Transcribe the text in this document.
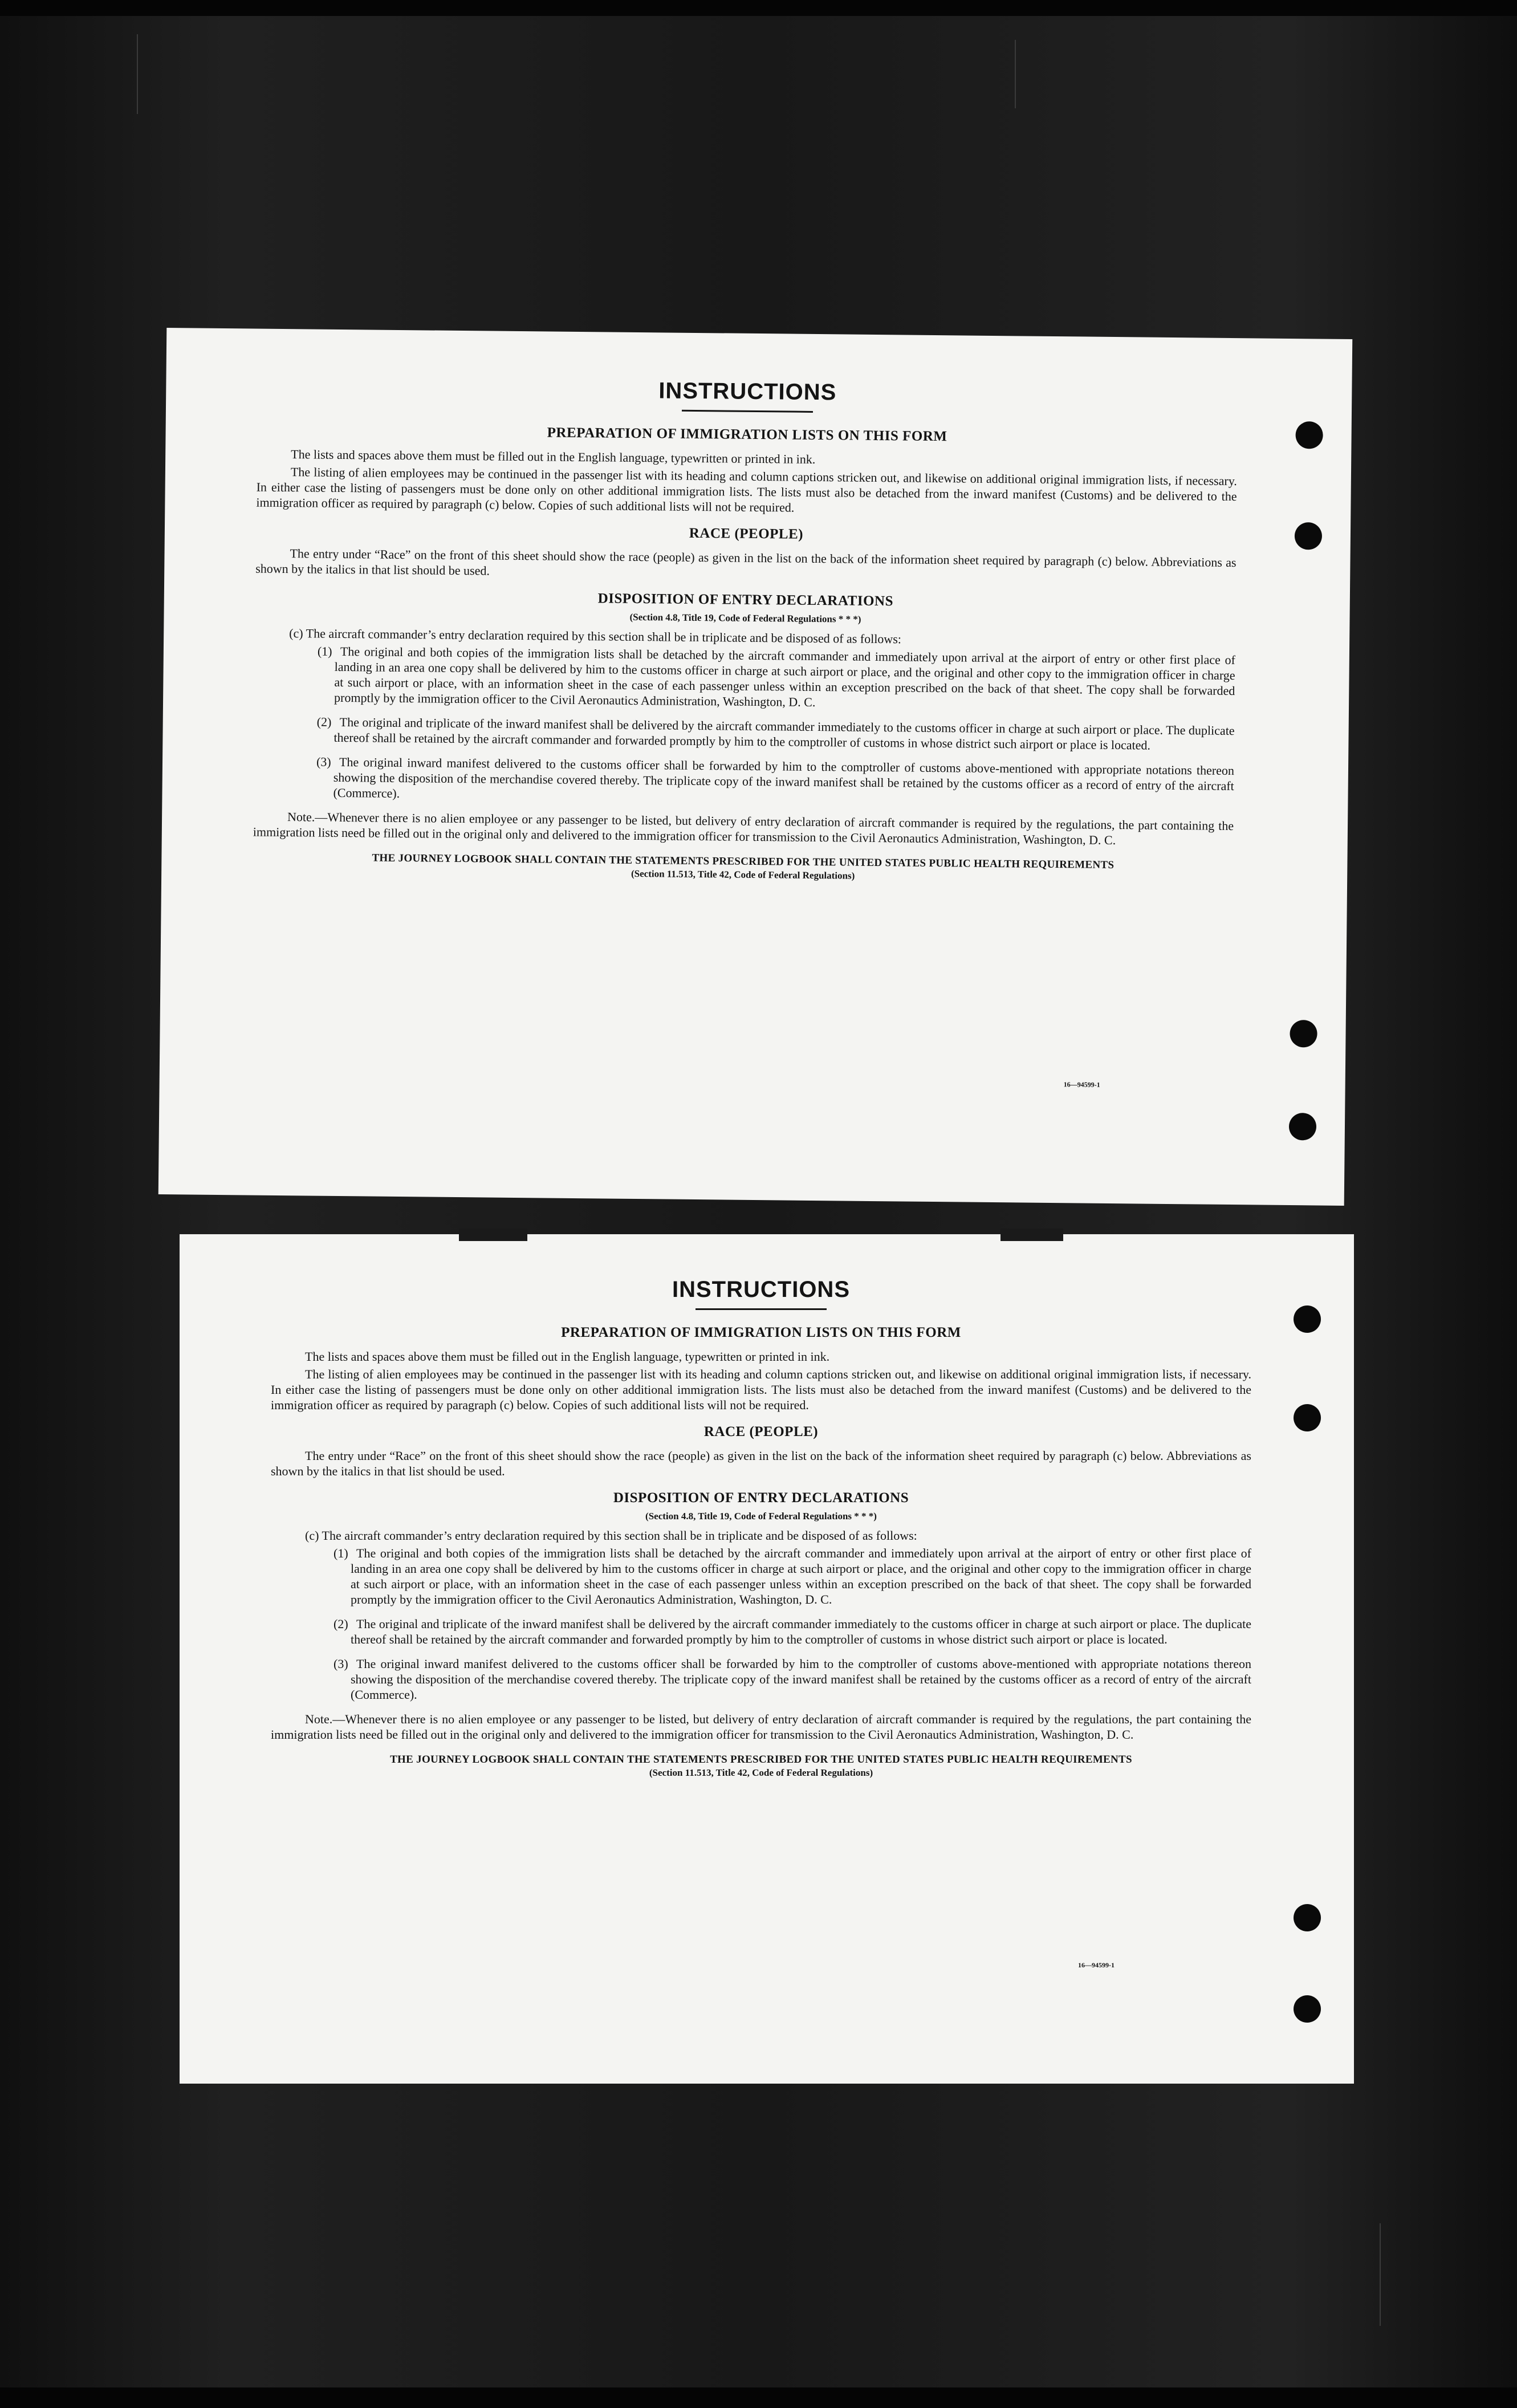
INSTRUCTIONS
PREPARATION OF IMMIGRATION LISTS ON THIS FORM

The lists and spaces above them must be filled out in the English language, typewritten or printed in ink.

The listing of alien employees may be continued in the passenger list with its heading and column captions stricken out, and likewise on additional original immigration lists, if necessary. In either case the listing of passengers must be done only on other additional immigration lists. The lists must also be detached from the inward manifest (Customs) and be delivered to the immigration officer as required by paragraph (c) below. Copies of such additional lists will not be required.

RACE (PEOPLE)

The entry under “Race” on the front of this sheet should show the race (people) as given in the list on the back of the information sheet required by paragraph (c) below. Abbreviations as shown by the italics in that list should be used.

DISPOSITION OF ENTRY DECLARATIONS
(Section 4.8, Title 19, Code of Federal Regulations * * *)

(c) The aircraft commander’s entry declaration required by this section shall be in triplicate and be disposed of as follows:

(1) The original and both copies of the immigration lists shall be detached by the aircraft commander and immediately upon arrival at the airport of entry or other first place of landing in an area one copy shall be delivered by him to the customs officer in charge at such airport or place, and the original and other copy to the immigration officer in charge at such airport or place, with an information sheet in the case of each passenger unless within an exception prescribed on the back of that sheet. The copy shall be forwarded promptly by the immigration officer to the Civil Aeronautics Administration, Washington, D. C.
(2) The original and triplicate of the inward manifest shall be delivered by the aircraft commander immediately to the customs officer in charge at such airport or place. The duplicate thereof shall be retained by the aircraft commander and forwarded promptly by him to the comptroller of customs in whose district such airport or place is located.
(3) The original inward manifest delivered to the customs officer shall be forwarded by him to the comptroller of customs above-mentioned with appropriate notations thereon showing the disposition of the merchandise covered thereby. The triplicate copy of the inward manifest shall be retained by the customs officer as a record of entry of the aircraft (Commerce).

Note.—Whenever there is no alien employee or any passenger to be listed, but delivery of entry declaration of aircraft commander is required by the regulations, the part containing the immigration lists need be filled out in the original only and delivered to the immigration officer for transmission to the Civil Aeronautics Administration, Washington, D. C.

THE JOURNEY LOGBOOK SHALL CONTAIN THE STATEMENTS PRESCRIBED FOR THE UNITED STATES PUBLIC HEALTH REQUIREMENTS
(Section 11.513, Title 42, Code of Federal Regulations)
16—94599-1
INSTRUCTIONS
PREPARATION OF IMMIGRATION LISTS ON THIS FORM

The lists and spaces above them must be filled out in the English language, typewritten or printed in ink.

The listing of alien employees may be continued in the passenger list with its heading and column captions stricken out, and likewise on additional original immigration lists, if necessary. In either case the listing of passengers must be done only on other additional immigration lists. The lists must also be detached from the inward manifest (Customs) and be delivered to the immigration officer as required by paragraph (c) below. Copies of such additional lists will not be required.

RACE (PEOPLE)

The entry under “Race” on the front of this sheet should show the race (people) as given in the list on the back of the information sheet required by paragraph (c) below. Abbreviations as shown by the italics in that list should be used.

DISPOSITION OF ENTRY DECLARATIONS
(Section 4.8, Title 19, Code of Federal Regulations * * *)

(c) The aircraft commander’s entry declaration required by this section shall be in triplicate and be disposed of as follows:

(1) The original and both copies of the immigration lists shall be detached by the aircraft commander and immediately upon arrival at the airport of entry or other first place of landing in an area one copy shall be delivered by him to the customs officer in charge at such airport or place, and the original and other copy to the immigration officer in charge at such airport or place, with an information sheet in the case of each passenger unless within an exception prescribed on the back of that sheet. The copy shall be forwarded promptly by the immigration officer to the Civil Aeronautics Administration, Washington, D. C.
(2) The original and triplicate of the inward manifest shall be delivered by the aircraft commander immediately to the customs officer in charge at such airport or place. The duplicate thereof shall be retained by the aircraft commander and forwarded promptly by him to the comptroller of customs in whose district such airport or place is located.
(3) The original inward manifest delivered to the customs officer shall be forwarded by him to the comptroller of customs above-mentioned with appropriate notations thereon showing the disposition of the merchandise covered thereby. The triplicate copy of the inward manifest shall be retained by the customs officer as a record of entry of the aircraft (Commerce).

Note.—Whenever there is no alien employee or any passenger to be listed, but delivery of entry declaration of aircraft commander is required by the regulations, the part containing the immigration lists need be filled out in the original only and delivered to the immigration officer for transmission to the Civil Aeronautics Administration, Washington, D. C.

THE JOURNEY LOGBOOK SHALL CONTAIN THE STATEMENTS PRESCRIBED FOR THE UNITED STATES PUBLIC HEALTH REQUIREMENTS
(Section 11.513, Title 42, Code of Federal Regulations)
16—94599-1
